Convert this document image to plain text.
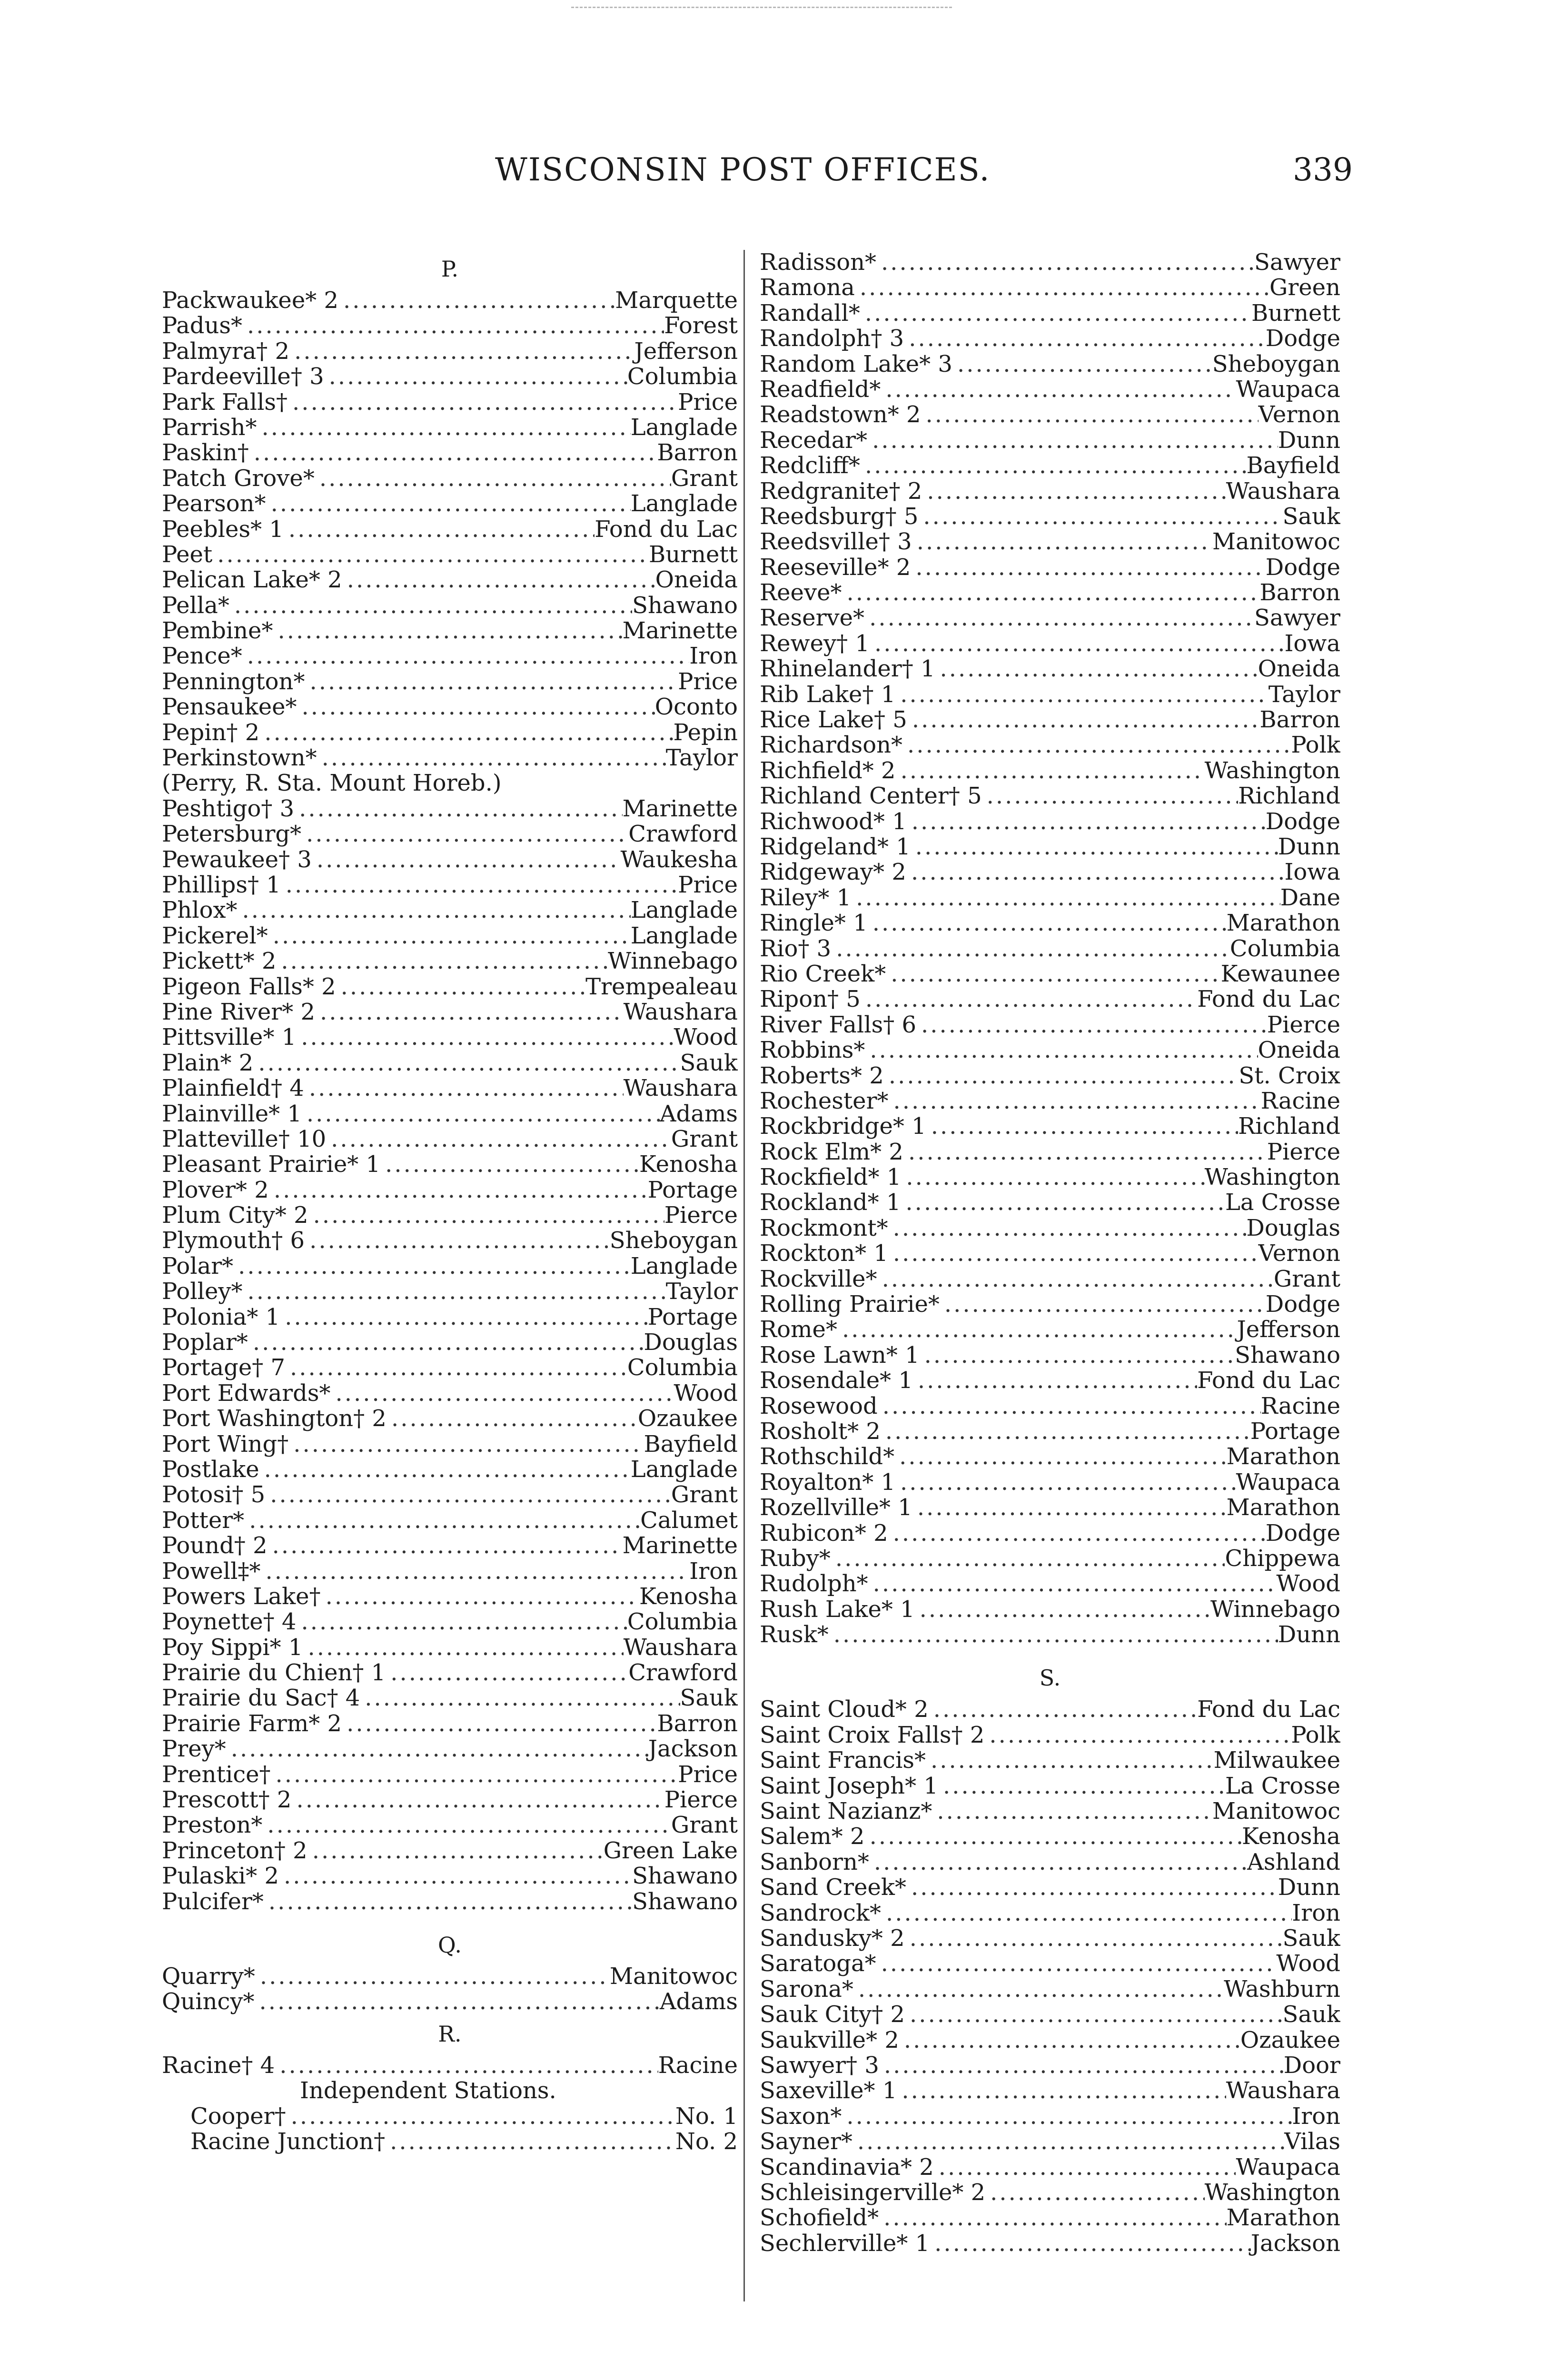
WISCONSIN POST OFFICES.	339
P.
Packwaukee* 2 .....	Marquette
Padus* .....	Forest
Palmyra† 2 .....	Jefferson
Pardeeville† 3 .....	Columbia
Park Falls† .....	Price
Parrish* .....	Langlade
Paskin† .....	Barron
Patch Grove* .....	Grant
Pearson* .....	Langlade
Peebles* 1 .....	Fond du Lac
Peet .....	Burnett
Pelican Lake* 2 .....	Oneida
Pella* .....	Shawano
Pembine* .....	Marinette
Pence* .....	Iron
Pennington* .....	Price
Pensaukee* .....	Oconto
Pepin† 2 .....	Pepin
Perkinstown* .....	Taylor
(Perry, R. Sta. Mount Horeb.)
Peshtigo† 3 .....	Marinette
Petersburg* .....	Crawford
Pewaukee† 3 .....	Waukesha
Phillips† 1 .....	Price
Phlox* .....	Langlade
Pickerel* .....	Langlade
Pickett* 2 .....	Winnebago
Pigeon Falls* 2 .....	Trempealeau
Pine River* 2 .....	Waushara
Pittsville* 1 .....	Wood
Plain* 2 .....	Sauk
Plainfield† 4 .....	Waushara
Plainville* 1 .....	Adams
Platteville† 10 .....	Grant
Pleasant Prairie* 1 .....	Kenosha
Plover* 2 .....	Portage
Plum City* 2 .....	Pierce
Plymouth† 6 .....	Sheboygan
Polar* .....	Langlade
Polley* .....	Taylor
Polonia* 1 .....	Portage
Poplar* .....	Douglas
Portage† 7 .....	Columbia
Port Edwards* .....	Wood
Port Washington† 2 .....	Ozaukee
Port Wing† .....	Bayfield
Postlake .....	Langlade
Potosi† 5 .....	Grant
Potter* .....	Calumet
Pound† 2 .....	Marinette
Powell‡* .....	Iron
Powers Lake† .....	Kenosha
Poynette† 4 .....	Columbia
Poy Sippi* 1 .....	Waushara
Prairie du Chien† 1 .....	Crawford
Prairie du Sac† 4 .....	Sauk
Prairie Farm* 2 .....	Barron
Prey* .....	Jackson
Prentice† .....	Price
Prescott† 2 .....	Pierce
Preston* .....	Grant
Princeton† 2 .....	Green Lake
Pulaski* 2 .....	Shawano
Pulcifer* .....	Shawano
Q.
Quarry* .....	Manitowoc
Quincy* .....	Adams
R.
Racine† 4 .....	Racine
Independent Stations.
Cooper† .....	No. 1
Racine Junction† .....	No. 2
Radisson* .....	Sawyer
Ramona .....	Green
Randall* .....	Burnett
Randolph† 3 .....	Dodge
Random Lake* 3 .....	Sheboygan
Readfield* .....	Waupaca
Readstown* 2 .....	Vernon
Recedar* .....	Dunn
Redcliff* .....	Bayfield
Redgranite† 2 .....	Waushara
Reedsburg† 5 .....	Sauk
Reedsville† 3 .....	Manitowoc
Reeseville* 2 .....	Dodge
Reeve* .....	Barron
Reserve* .....	Sawyer
Rewey† 1 .....	Iowa
Rhinelander† 1 .....	Oneida
Rib Lake† 1 .....	Taylor
Rice Lake† 5 .....	Barron
Richardson* .....	Polk
Richfield* 2 .....	Washington
Richland Center† 5 .....	Richland
Richwood* 1 .....	Dodge
Ridgeland* 1 .....	Dunn
Ridgeway* 2 .....	Iowa
Riley* 1 .....	Dane
Ringle* 1 .....	Marathon
Rio† 3 .....	Columbia
Rio Creek* .....	Kewaunee
Ripon† 5 .....	Fond du Lac
River Falls† 6 .....	Pierce
Robbins* .....	Oneida
Roberts* 2 .....	St. Croix
Rochester* .....	Racine
Rockbridge* 1 .....	Richland
Rock Elm* 2 .....	Pierce
Rockfield* 1 .....	Washington
Rockland* 1 .....	La Crosse
Rockmont* .....	Douglas
Rockton* 1 .....	Vernon
Rockville* .....	Grant
Rolling Prairie* .....	Dodge
Rome* .....	Jefferson
Rose Lawn* 1 .....	Shawano
Rosendale* 1 .....	Fond du Lac
Rosewood .....	Racine
Rosholt* 2 .....	Portage
Rothschild* .....	Marathon
Royalton* 1 .....	Waupaca
Rozellville* 1 .....	Marathon
Rubicon* 2 .....	Dodge
Ruby* .....	Chippewa
Rudolph* .....	Wood
Rush Lake* 1 .....	Winnebago
Rusk* .....	Dunn
S.
Saint Cloud* 2 .....	Fond du Lac
Saint Croix Falls† 2 .....	Polk
Saint Francis* .....	Milwaukee
Saint Joseph* 1 .....	La Crosse
Saint Nazianz* .....	Manitowoc
Salem* 2 .....	Kenosha
Sanborn* .....	Ashland
Sand Creek* .....	Dunn
Sandrock* .....	Iron
Sandusky* 2 .....	Sauk
Saratoga* .....	Wood
Sarona* .....	Washburn
Sauk City† 2 .....	Sauk
Saukville* 2 .....	Ozaukee
Sawyer† 3 .....	Door
Saxeville* 1 .....	Waushara
Saxon* .....	Iron
Sayner* .....	Vilas
Scandinavia* 2 .....	Waupaca
Schleisingerville* 2 .....	Washington
Schofield* .....	Marathon
Sechlerville* 1 .....	Jackson
